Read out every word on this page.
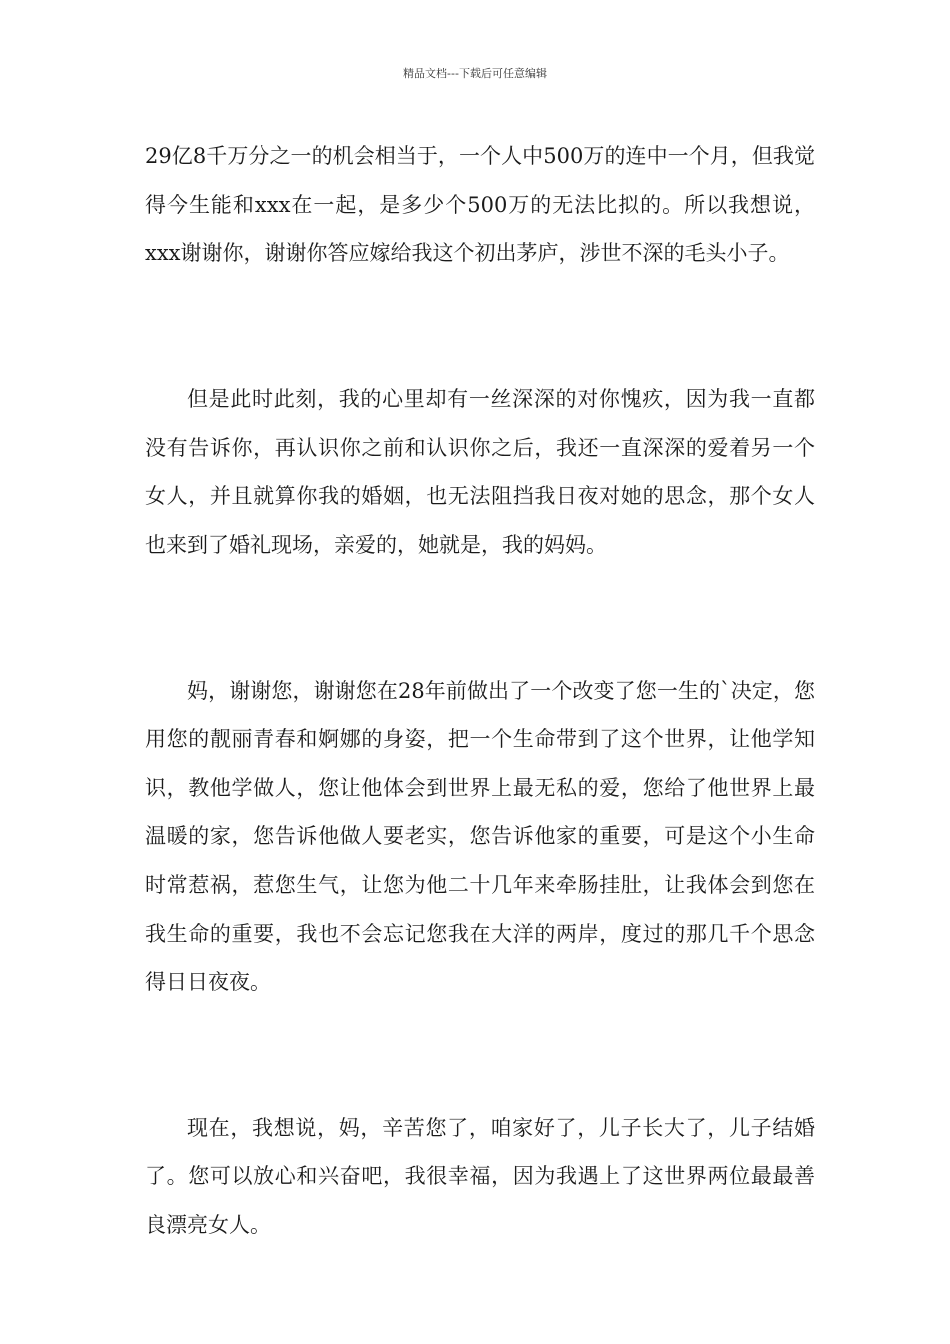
精品文档---下载后可任意编辑

29亿8千万分之一的机会相当于，一个人中500万的连中一个月，但我觉得今生能和xxx在一起，是多少个500万的无法比拟的。所以我想说，xxx谢谢你，谢谢你答应嫁给我这个初出茅庐，涉世不深的毛头小子。

但是此时此刻，我的心里却有一丝深深的对你愧疚，因为我一直都没有告诉你，再认识你之前和认识你之后，我还一直深深的爱着另一个女人，并且就算你我的婚姻，也无法阻挡我日夜对她的思念，那个女人也来到了婚礼现场，亲爱的，她就是，我的妈妈。

妈，谢谢您，谢谢您在28年前做出了一个改变了您一生的`决定，您用您的靓丽青春和婀娜的身姿，把一个生命带到了这个世界，让他学知识，教他学做人，您让他体会到世界上最无私的爱，您给了他世界上最温暖的家，您告诉他做人要老实，您告诉他家的重要，可是这个小生命时常惹祸，惹您生气，让您为他二十几年来牵肠挂肚，让我体会到您在我生命的重要，我也不会忘记您我在大洋的两岸，度过的那几千个思念得日日夜夜。

现在，我想说，妈，辛苦您了，咱家好了，儿子长大了，儿子结婚了。您可以放心和兴奋吧，我很幸福，因为我遇上了这世界两位最最善良漂亮女人。
